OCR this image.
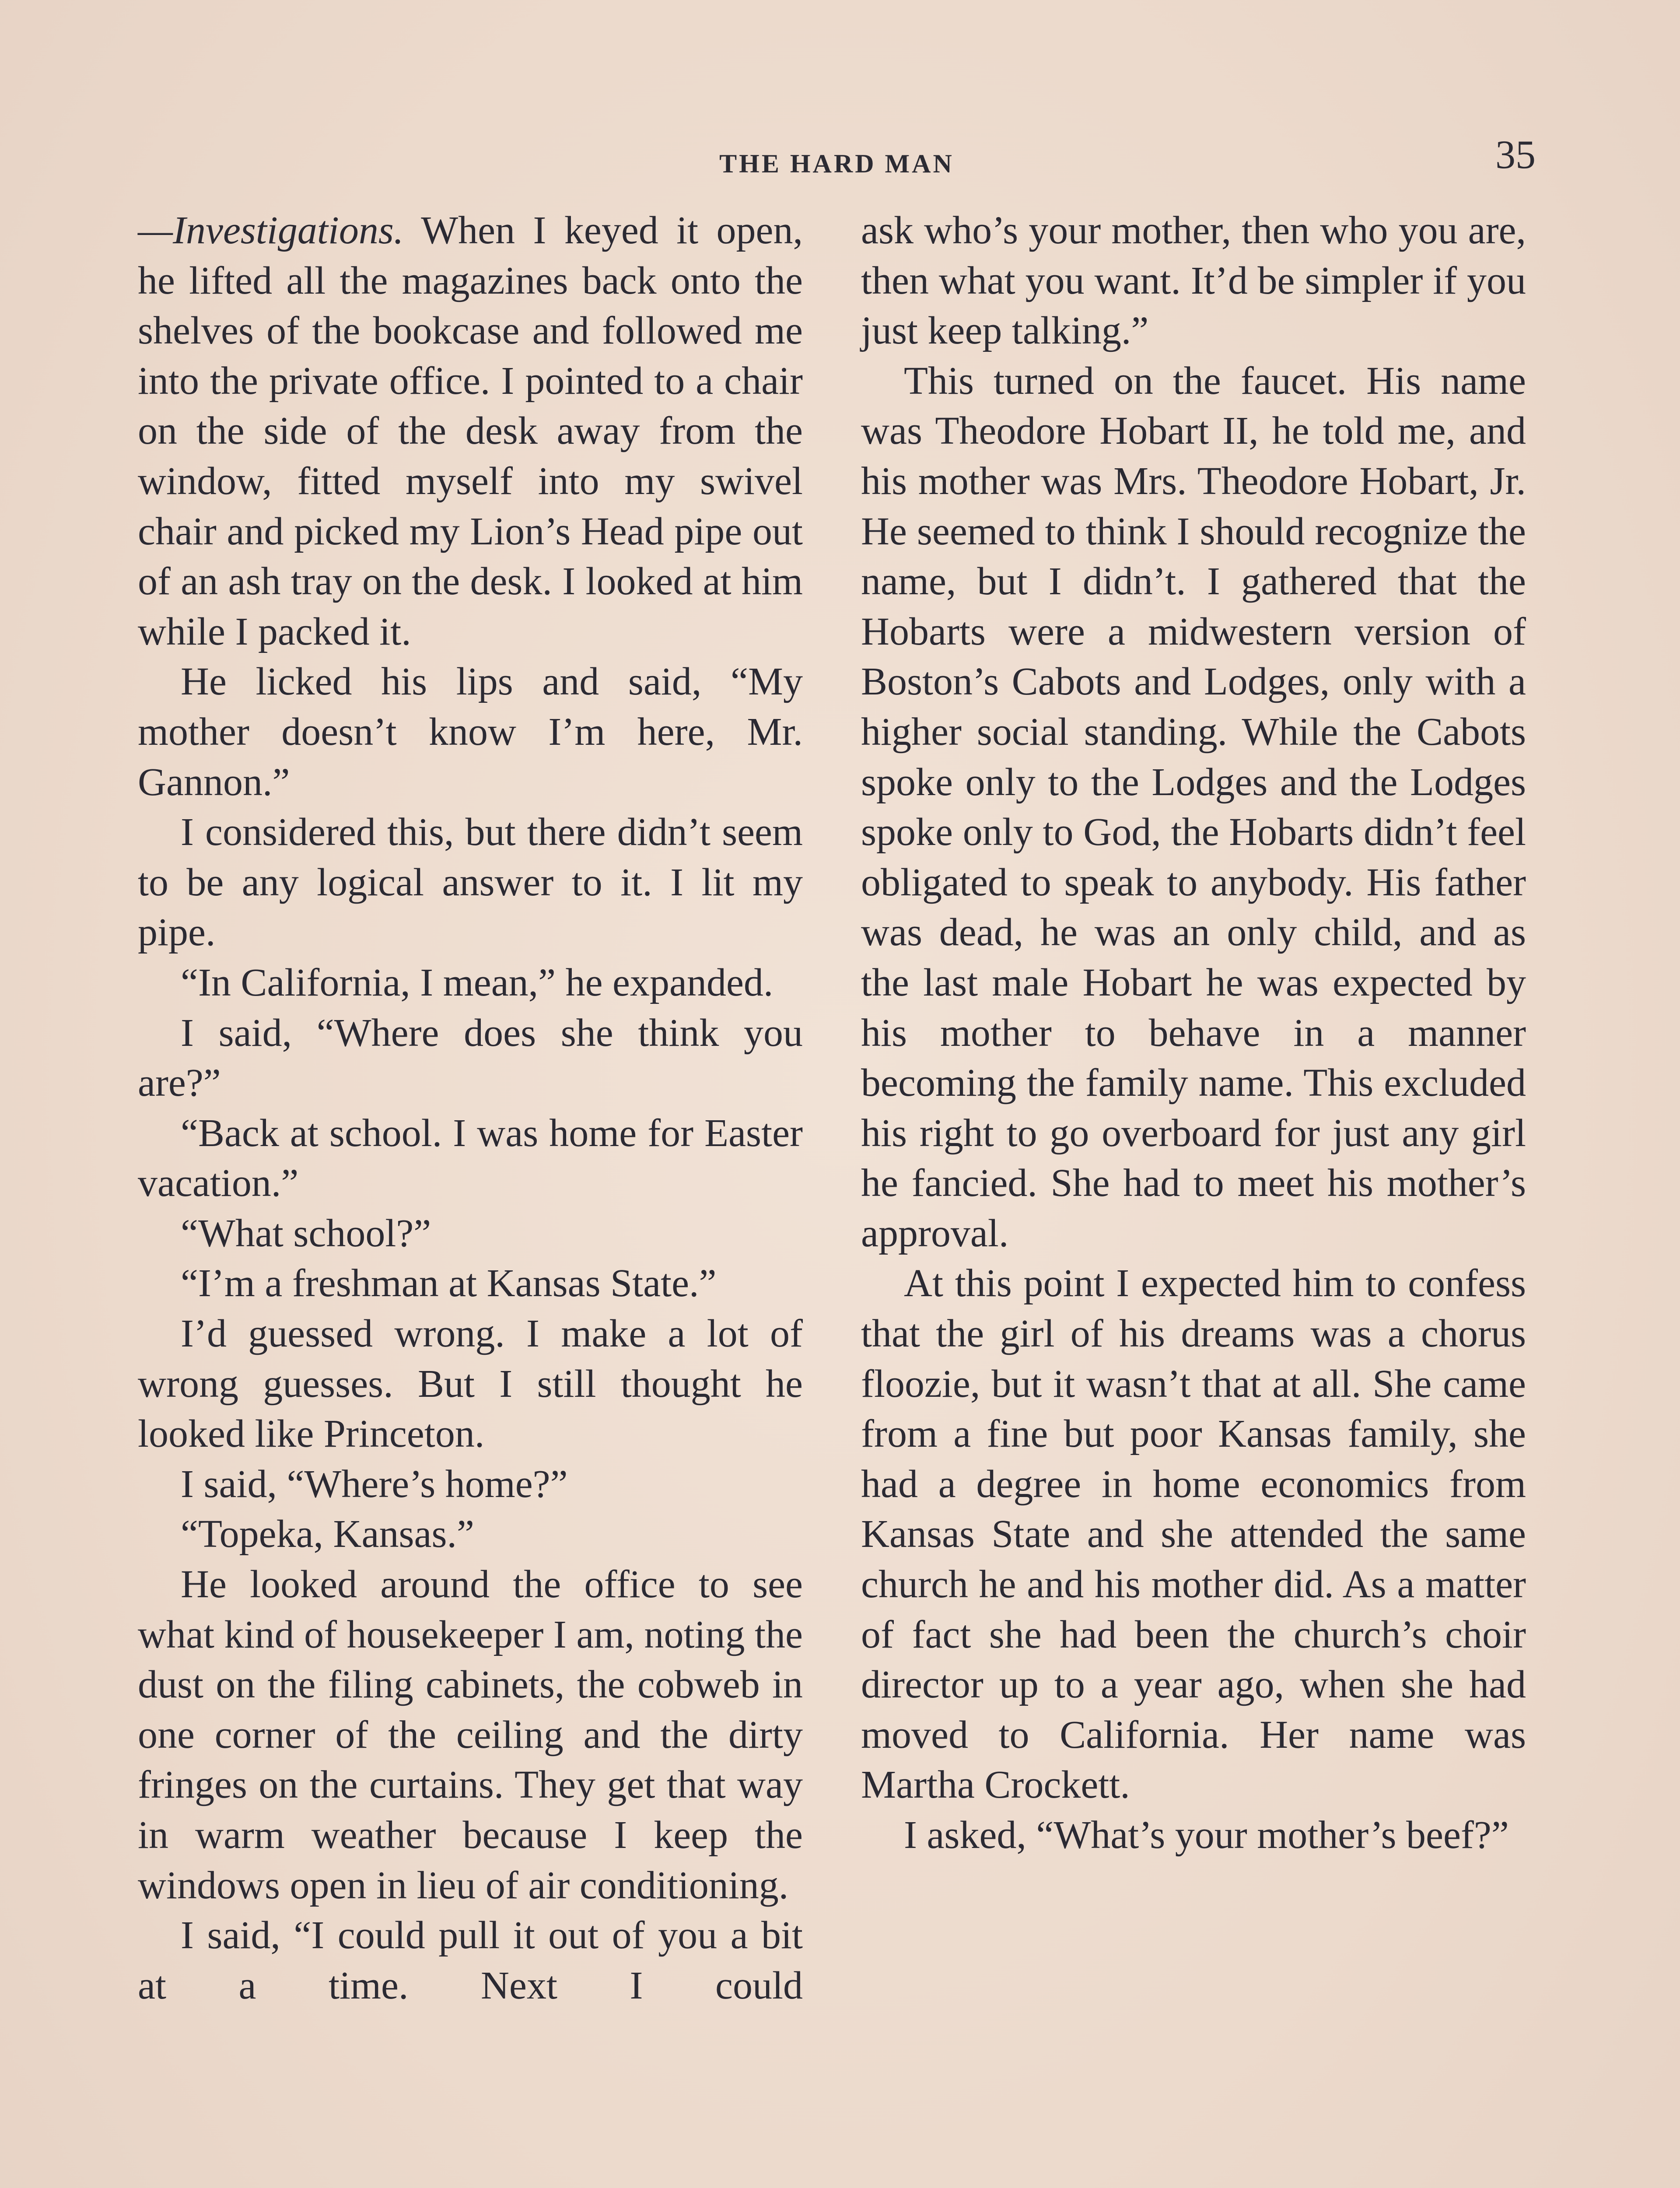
THE HARD MAN	35

—Investigations. When I keyed it open, he lifted all the magazines back onto the shelves of the bookcase and followed me into the private office. I pointed to a chair on the side of the desk away from the window, fitted myself into my swivel chair and picked my Lion’s Head pipe out of an ash tray on the desk. I looked at him while I packed it.

He licked his lips and said, “My mother doesn’t know I’m here, Mr. Gannon.”

I considered this, but there didn’t seem to be any logical answer to it. I lit my pipe.

“In California, I mean,” he expanded.

I said, “Where does she think you are?”

“Back at school. I was home for Easter vacation.”

“What school?”

“I’m a freshman at Kansas State.”

I’d guessed wrong. I make a lot of wrong guesses. But I still thought he looked like Princeton.

I said, “Where’s home?”

“Topeka, Kansas.”

He looked around the office to see what kind of housekeeper I am, noting the dust on the filing cabinets, the cobweb in one corner of the ceiling and the dirty fringes on the curtains. They get that way in warm weather because I keep the windows open in lieu of air conditioning.

I said, “I could pull it out of you a bit at a time. Next I could

ask who’s your mother, then who you are, then what you want. It’d be simpler if you just keep talking.”

This turned on the faucet. His name was Theodore Hobart II, he told me, and his mother was Mrs. Theodore Hobart, Jr. He seemed to think I should recognize the name, but I didn’t. I gathered that the Hobarts were a midwestern version of Boston’s Cabots and Lodges, only with a higher social standing. While the Cabots spoke only to the Lodges and the Lodges spoke only to God, the Hobarts didn’t feel obligated to speak to anybody. His father was dead, he was an only child, and as the last male Hobart he was expected by his mother to behave in a manner becoming the family name. This excluded his right to go overboard for just any girl he fancied. She had to meet his mother’s approval.

At this point I expected him to confess that the girl of his dreams was a chorus floozie, but it wasn’t that at all. She came from a fine but poor Kansas family, she had a degree in home economics from Kansas State and she attended the same church he and his mother did. As a matter of fact she had been the church’s choir director up to a year ago, when she had moved to California. Her name was Martha Crockett.

I asked, “What’s your mother’s beef?”
